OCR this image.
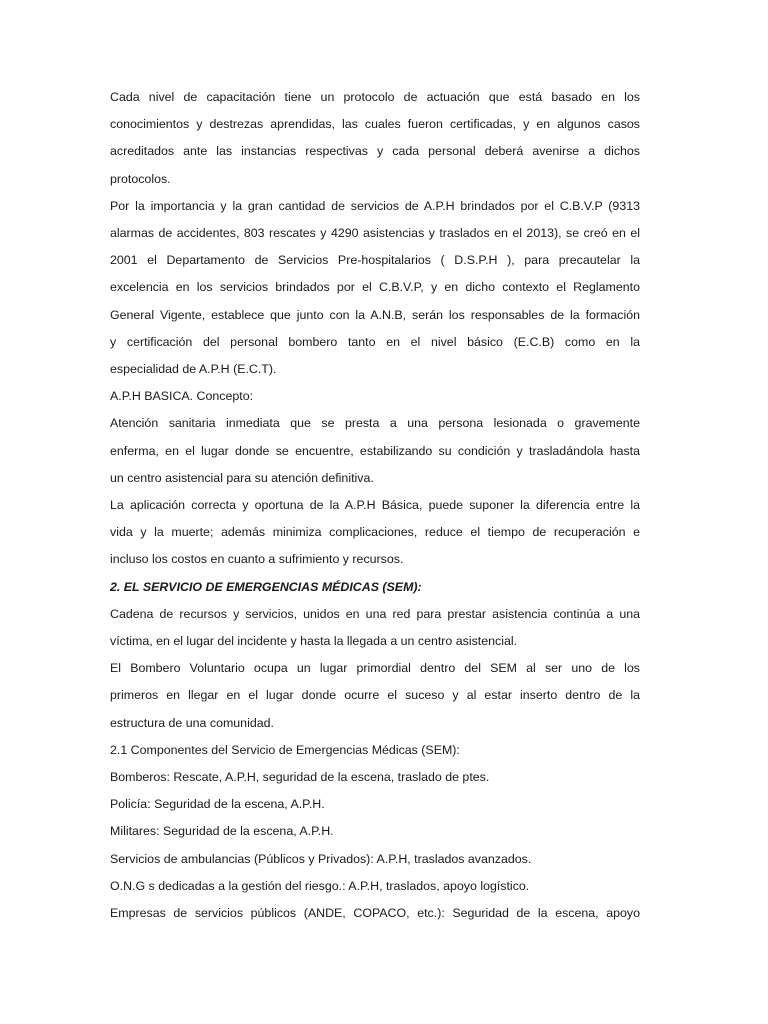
Cada nivel de capacitación tiene un protocolo de actuación que está basado en los
conocimientos y destrezas aprendidas, las cuales fueron certificadas, y en algunos casos
acreditados ante las instancias respectivas y cada personal deberá avenirse a dichos
protocolos.
Por la importancia y la gran cantidad de servicios de A.P.H brindados por el C.B.V.P (9313
alarmas de accidentes, 803 rescates y 4290 asistencias y traslados en el 2013), se creó en el
2001 el Departamento de Servicios Pre-hospitalarios ( D.S.P.H ), para precautelar la
excelencia en los servicios brindados por el C.B.V.P, y en dicho contexto el Reglamento
General Vigente, establece que junto con la A.N.B, serán los responsables de la formación
y certificación del personal bombero tanto en el nivel básico (E.C.B) como en la
especialidad de A.P.H (E.C.T).
A.P.H BASICA. Concepto:
Atención sanitaria inmediata que se presta a una persona lesionada o gravemente
enferma, en el lugar donde se encuentre, estabilizando su condición y trasladándola hasta
un centro asistencial para su atención definitiva.
La aplicación correcta y oportuna de la A.P.H Básica, puede suponer la diferencia entre la
vida y la muerte; además minimiza complicaciones, reduce el tiempo de recuperación e
incluso los costos en cuanto a sufrimiento y recursos.
2. EL SERVICIO DE EMERGENCIAS MÉDICAS (SEM):
Cadena de recursos y servicios, unidos en una red para prestar asistencia continúa a una
víctima, en el lugar del incidente y hasta la llegada a un centro asistencial.
El Bombero Voluntario ocupa un lugar primordial dentro del SEM al ser uno de los
primeros en llegar en el lugar donde ocurre el suceso y al estar inserto dentro de la
estructura de una comunidad.
2.1 Componentes del Servicio de Emergencias Médicas (SEM):
Bomberos: Rescate, A.P.H, seguridad de la escena, traslado de ptes.
Policía: Seguridad de la escena, A.P.H.
Militares: Seguridad de la escena, A.P.H.
Servicios de ambulancias (Públicos y Privados): A.P.H, traslados avanzados.
O.N.G s dedicadas a la gestión del riesgo.: A.P.H, traslados, apoyo logístico.
Empresas de servicios públicos (ANDE, COPACO, etc.): Seguridad de la escena, apoyo
